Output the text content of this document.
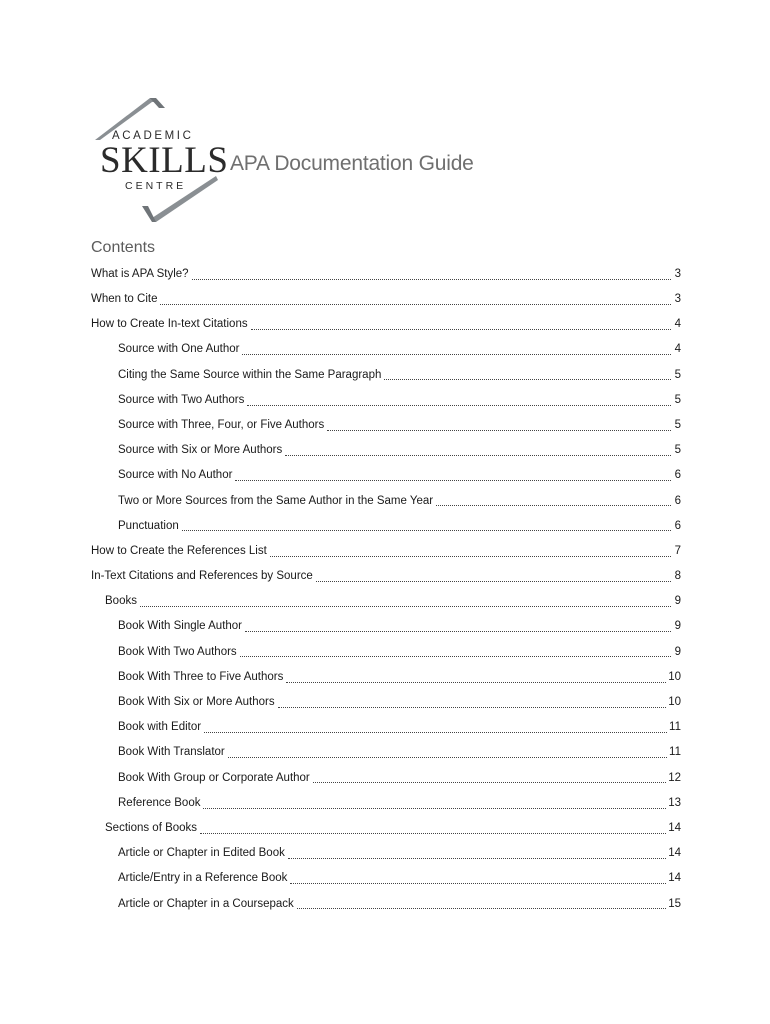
ACADEMIC
SKILLS
CENTRE
APA Documentation Guide
Contents
What is APA Style?	3
When to Cite	3
How to Create In-text Citations	4
Source with One Author	4
Citing the Same Source within the Same Paragraph	5
Source with Two Authors	5
Source with Three, Four, or Five Authors	5
Source with Six or More Authors	5
Source with No Author	6
Two or More Sources from the Same Author in the Same Year	6
Punctuation	6
How to Create the References List	7
In-Text Citations and References by Source	8
Books	9
Book With Single Author	9
Book With Two Authors	9
Book With Three to Five Authors	10
Book With Six or More Authors	10
Book with Editor	11
Book With Translator	11
Book With Group or Corporate Author	12
Reference Book	13
Sections of Books	14
Article or Chapter in Edited Book	14
Article/Entry in a Reference Book	14
Article or Chapter in a Coursepack	15
